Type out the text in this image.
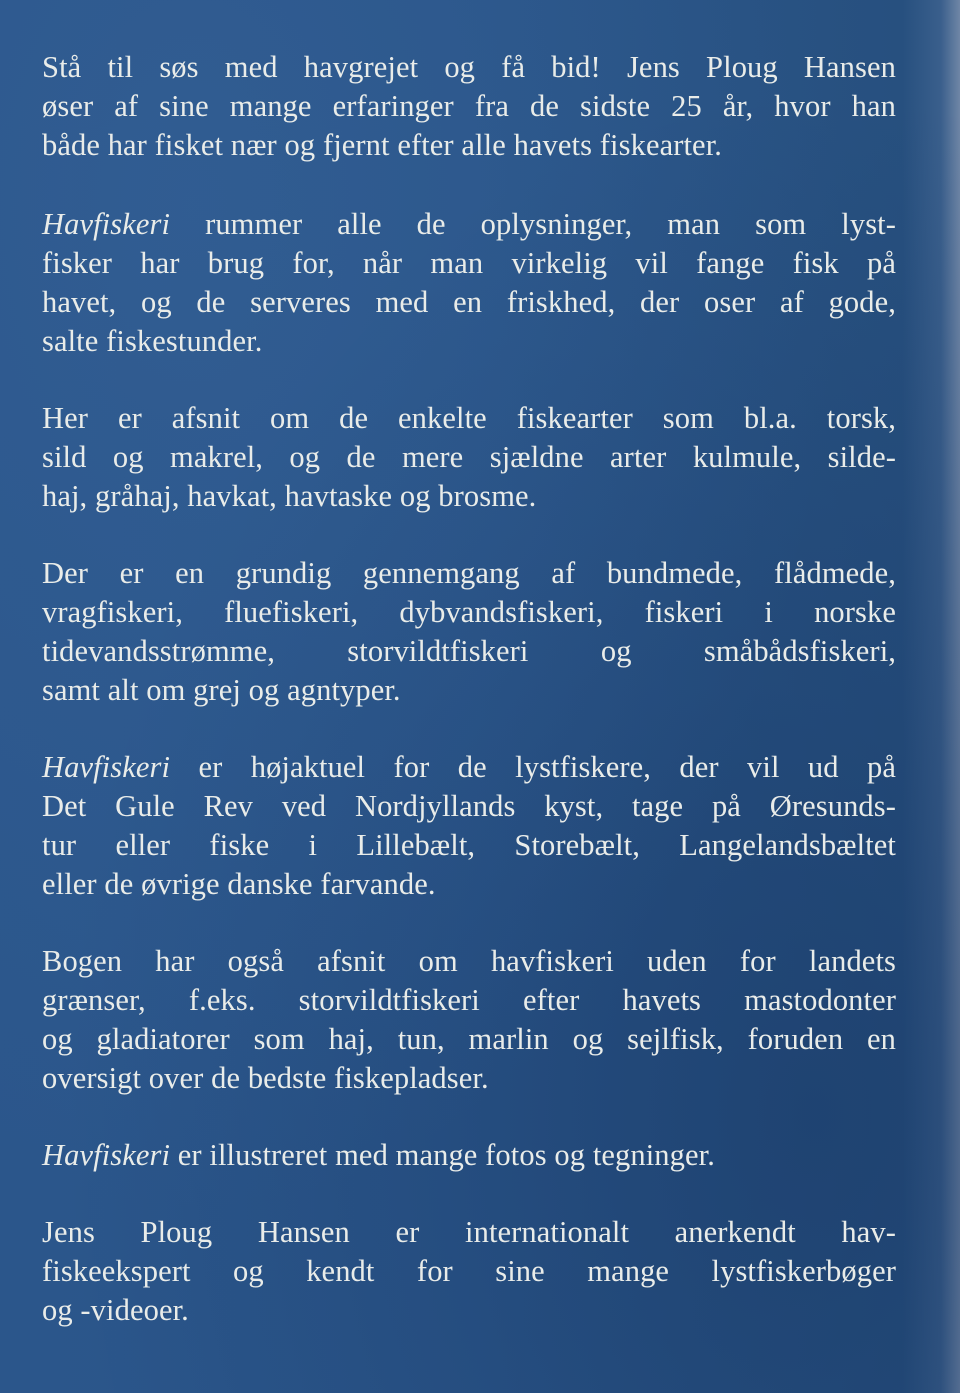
Stå til søs med havgrejet og få bid! Jens Ploug Hansen
øser af sine mange erfaringer fra de sidste 25 år, hvor han
både har fisket nær og fjernt efter alle havets fiskearter.

Havfiskeri rummer alle de oplysninger, man som lyst-
fisker har brug for, når man virkelig vil fange fisk på
havet, og de serveres med en friskhed, der oser af gode,
salte fiskestunder.

Her er afsnit om de enkelte fiskearter som bl.a. torsk,
sild og makrel, og de mere sjældne arter kulmule, silde-
haj, gråhaj, havkat, havtaske og brosme.

Der er en grundig gennemgang af bundmede, flådmede,
vragfiskeri, fluefiskeri, dybvandsfiskeri, fiskeri i norske
tidevandsstrømme, storvildtfiskeri og småbådsfiskeri,
samt alt om grej og agntyper.

Havfiskeri er højaktuel for de lystfiskere, der vil ud på
Det Gule Rev ved Nordjyllands kyst, tage på Øresunds-
tur eller fiske i Lillebælt, Storebælt, Langelandsbæltet
eller de øvrige danske farvande.

Bogen har også afsnit om havfiskeri uden for landets
grænser, f.eks. storvildtfiskeri efter havets mastodonter
og gladiatorer som haj, tun, marlin og sejlfisk, foruden en
oversigt over de bedste fiskepladser.

Havfiskeri er illustreret med mange fotos og tegninger.

Jens Ploug Hansen er internationalt anerkendt hav-
fiskeekspert og kendt for sine mange lystfiskerbøger
og -videoer.
